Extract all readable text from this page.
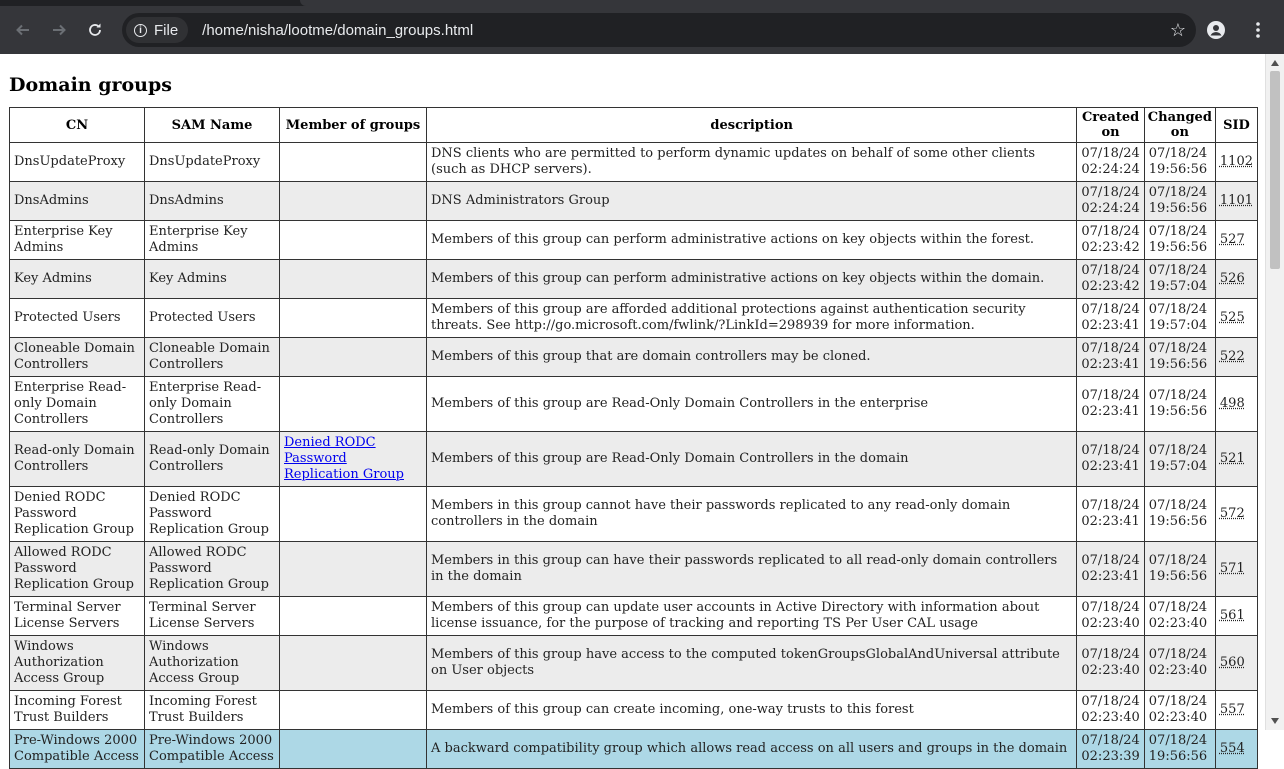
i File /home/nisha/lootme/domain_groups.html	☆
Domain groups
CN	SAM Name	Member of groups	description	Created on	Changed on	SID
DnsUpdateProxy	DnsUpdateProxy		DNS clients who are permitted to perform dynamic updates on behalf of some other clients (such as DHCP servers).	07/18/24 02:24:24	07/18/24 19:56:56	1102
DnsAdmins	DnsAdmins		DNS Administrators Group	07/18/24 02:24:24	07/18/24 19:56:56	1101
Enterprise Key Admins	Enterprise Key Admins		Members of this group can perform administrative actions on key objects within the forest.	07/18/24 02:23:42	07/18/24 19:56:56	527
Key Admins	Key Admins		Members of this group can perform administrative actions on key objects within the domain.	07/18/24 02:23:42	07/18/24 19:57:04	526
Protected Users	Protected Users		Members of this group are afforded additional protections against authentication security threats. See http://go.microsoft.com/fwlink/?LinkId=298939 for more information.	07/18/24 02:23:41	07/18/24 19:57:04	525
Cloneable Domain Controllers	Cloneable Domain Controllers		Members of this group that are domain controllers may be cloned.	07/18/24 02:23:41	07/18/24 19:56:56	522
Enterprise Read-only Domain Controllers	Enterprise Read-only Domain Controllers		Members of this group are Read-Only Domain Controllers in the enterprise	07/18/24 02:23:41	07/18/24 19:56:56	498
Read-only Domain Controllers	Read-only Domain Controllers	Denied RODC Password Replication Group	Members of this group are Read-Only Domain Controllers in the domain	07/18/24 02:23:41	07/18/24 19:57:04	521
Denied RODC Password Replication Group	Denied RODC Password Replication Group		Members in this group cannot have their passwords replicated to any read-only domain controllers in the domain	07/18/24 02:23:41	07/18/24 19:56:56	572
Allowed RODC Password Replication Group	Allowed RODC Password Replication Group		Members in this group can have their passwords replicated to all read-only domain controllers in the domain	07/18/24 02:23:41	07/18/24 19:56:56	571
Terminal Server License Servers	Terminal Server License Servers		Members of this group can update user accounts in Active Directory with information about license issuance, for the purpose of tracking and reporting TS Per User CAL usage	07/18/24 02:23:40	07/18/24 02:23:40	561
Windows Authorization Access Group	Windows Authorization Access Group		Members of this group have access to the computed tokenGroupsGlobalAndUniversal attribute on User objects	07/18/24 02:23:40	07/18/24 02:23:40	560
Incoming Forest Trust Builders	Incoming Forest Trust Builders		Members of this group can create incoming, one-way trusts to this forest	07/18/24 02:23:40	07/18/24 02:23:40	557
Pre-Windows 2000 Compatible Access	Pre-Windows 2000 Compatible Access		A backward compatibility group which allows read access on all users and groups in the domain	07/18/24 02:23:39	07/18/24 19:56:56	554
